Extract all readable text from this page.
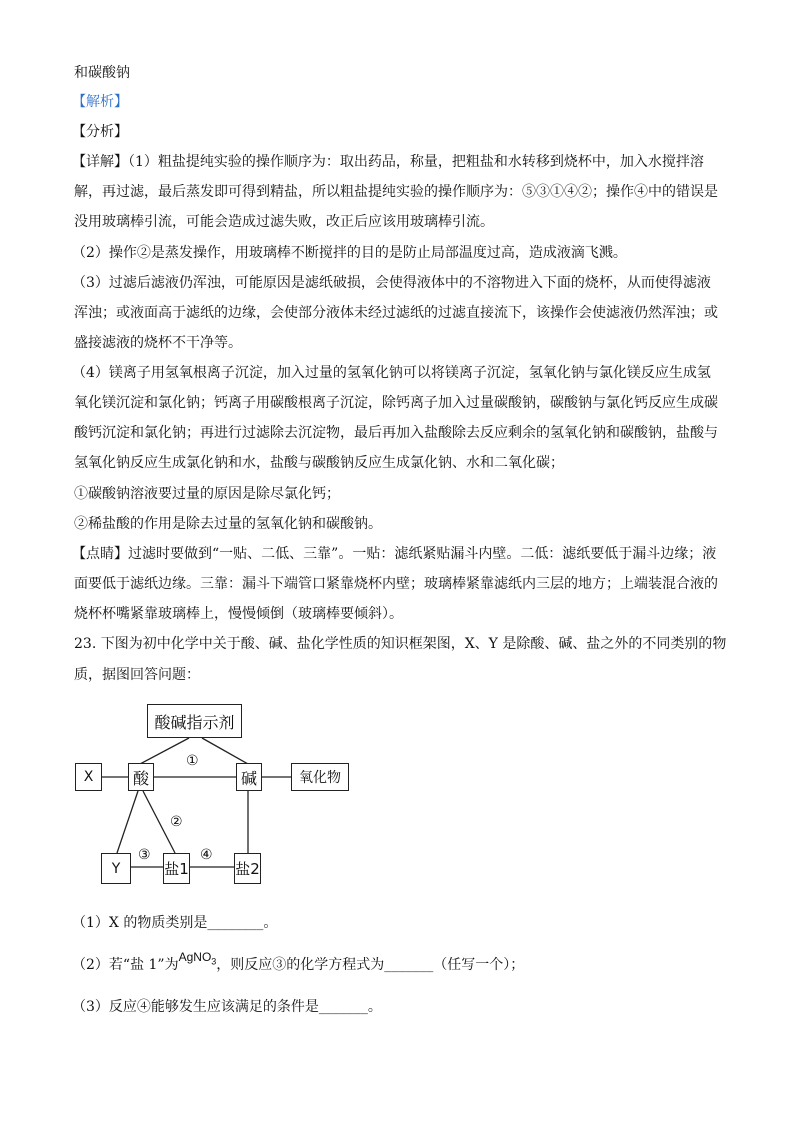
和碳酸钠
【解析】
【分析】
【详解】（1）粗盐提纯实验的操作顺序为：取出药品，称量，把粗盐和水转移到烧杯中，加入水搅拌溶
解，再过滤，最后蒸发即可得到精盐，所以粗盐提纯实验的操作顺序为：⑤③①④②；操作④中的错误是
没用玻璃棒引流，可能会造成过滤失败，改正后应该用玻璃棒引流。
（2）操作②是蒸发操作，用玻璃棒不断搅拌的目的是防止局部温度过高，造成液滴飞溅。
（3）过滤后滤液仍浑浊，可能原因是滤纸破损，会使得液体中的不溶物进入下面的烧杯，从而使得滤液
浑浊；或液面高于滤纸的边缘，会使部分液体未经过滤纸的过滤直接流下，该操作会使滤液仍然浑浊；或
盛接滤液的烧杯不干净等。
（4）镁离子用氢氧根离子沉淀，加入过量的氢氧化钠可以将镁离子沉淀，氢氧化钠与氯化镁反应生成氢
氧化镁沉淀和氯化钠；钙离子用碳酸根离子沉淀，除钙离子加入过量碳酸钠，碳酸钠与氯化钙反应生成碳
酸钙沉淀和氯化钠；再进行过滤除去沉淀物，最后再加入盐酸除去反应剩余的氢氧化钠和碳酸钠，盐酸与
氢氧化钠反应生成氯化钠和水，盐酸与碳酸钠反应生成氯化钠、水和二氧化碳；
①碳酸钠溶液要过量的原因是除尽氯化钙；
②稀盐酸的作用是除去过量的氢氧化钠和碳酸钠。
【点睛】过滤时要做到“一贴、二低、三靠”。一贴：滤纸紧贴漏斗内壁。二低：滤纸要低于漏斗边缘；液
面要低于滤纸边缘。三靠：漏斗下端管口紧靠烧杯内壁；玻璃棒紧靠滤纸内三层的地方；上端装混合液的
烧杯杯嘴紧靠玻璃棒上，慢慢倾倒（玻璃棒要倾斜）。
23. 下图为初中化学中关于酸、碱、盐化学性质的知识框架图，X、Y 是除酸、碱、盐之外的不同类别的物
质，据图回答问题：
酸碱指示剂
X 酸	碱	氧化物
Y	盐1	盐2
①
②
③	④
（1）X 的物质类别是________。
（2）若“盐 1”为AgNO$_3$，则反应③的化学方程式为_______（任写一个）；
（3）反应④能够发生应该满足的条件是_______。
